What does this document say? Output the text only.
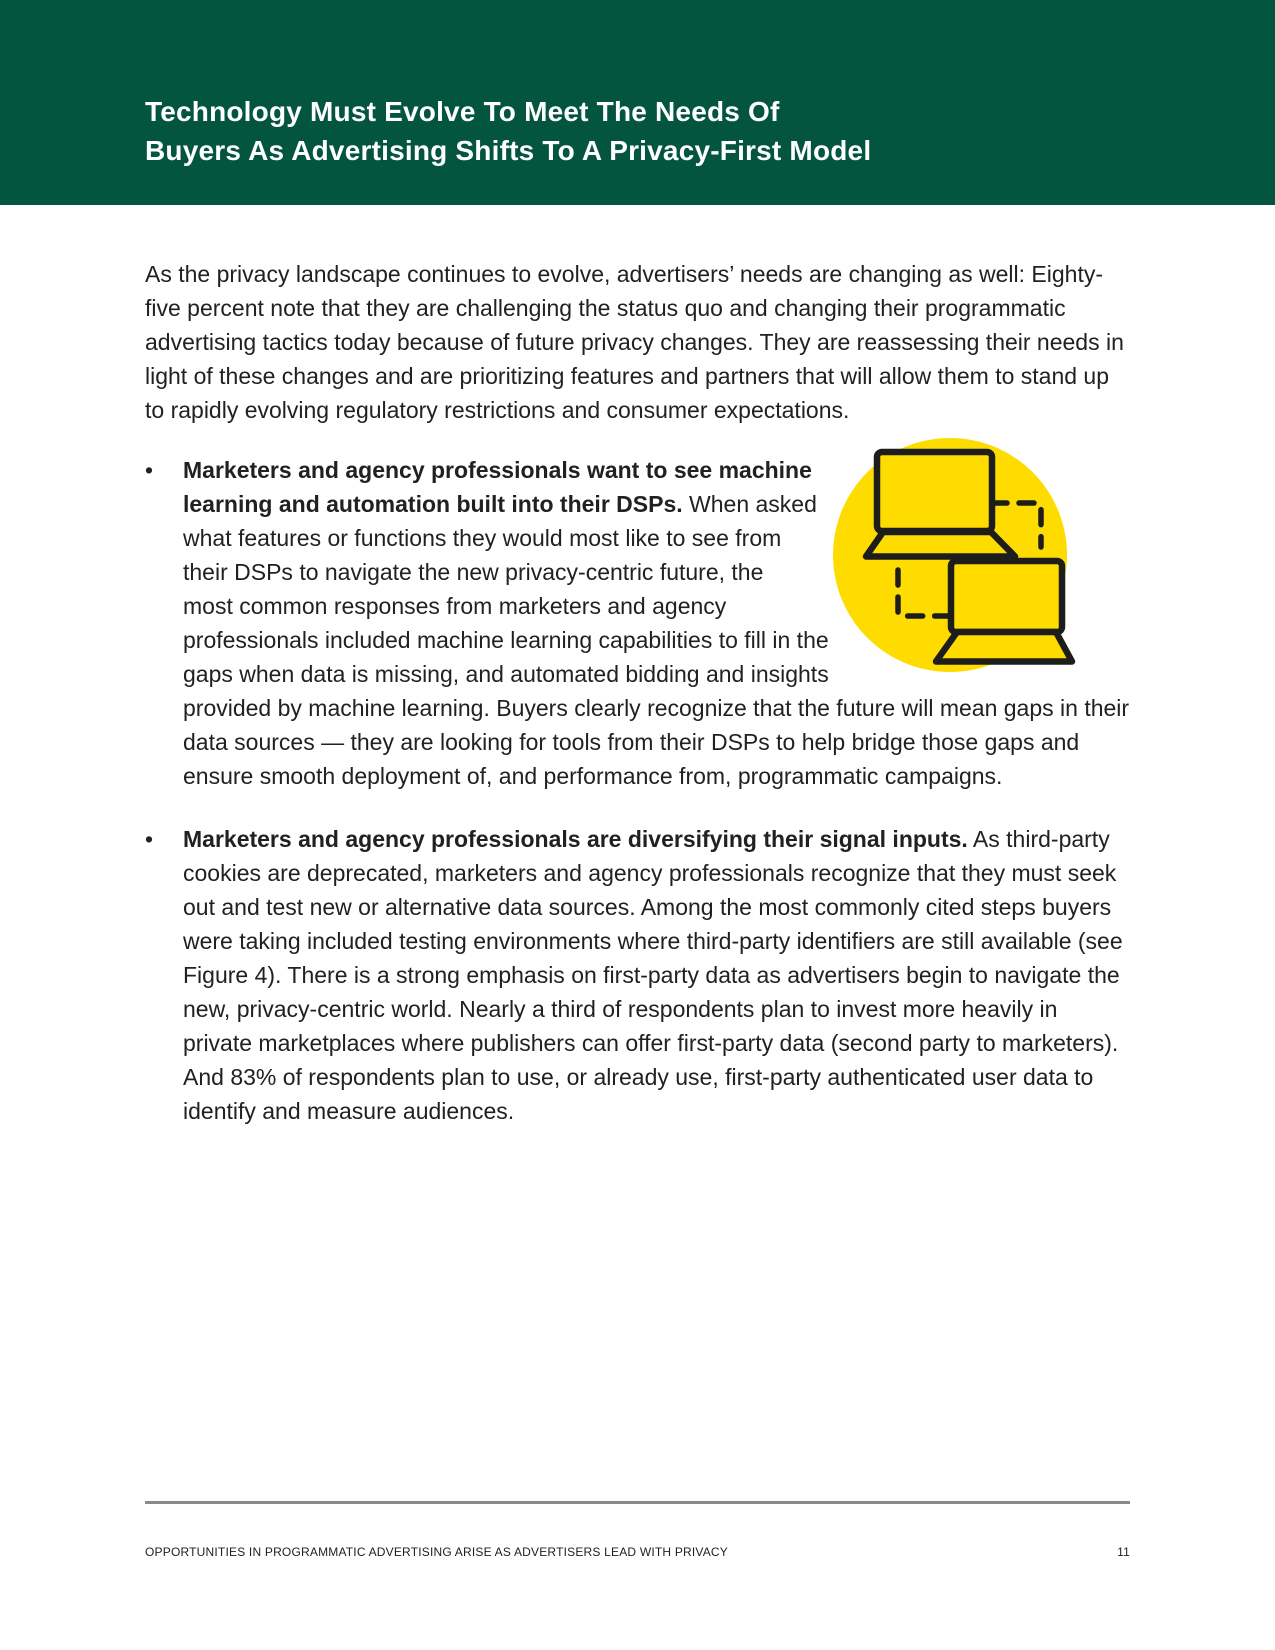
Technology Must Evolve To Meet The Needs Of
Buyers As Advertising Shifts To A Privacy-First Model

As the privacy landscape continues to evolve, advertisers’ needs are changing as well: Eighty-five percent note that they are challenging the status quo and changing their programmatic advertising tactics today because of future privacy changes. They are reassessing their needs in light of these changes and are prioritizing features and partners that will allow them to stand up to rapidly evolving regulatory restrictions and consumer expectations.

• Marketers and agency professionals want to see machine learning and automation built into their DSPs. When asked what features or functions they would most like to see from their DSPs to navigate the new privacy-centric future, the most common responses from marketers and agency professionals included machine learning capabilities to fill in the gaps when data is missing, and automated bidding and insights provided by machine learning. Buyers clearly recognize that the future will mean gaps in their data sources — they are looking for tools from their DSPs to help bridge those gaps and ensure smooth deployment of, and performance from, programmatic campaigns.
• Marketers and agency professionals are diversifying their signal inputs. As third-party cookies are deprecated, marketers and agency professionals recognize that they must seek out and test new or alternative data sources. Among the most commonly cited steps buyers were taking included testing environments where third-party identifiers are still available (see Figure 4). There is a strong emphasis on first-party data as advertisers begin to navigate the new, privacy-centric world. Nearly a third of respondents plan to invest more heavily in private marketplaces where publishers can offer first-party data (second party to marketers). And 83% of respondents plan to use, or already use, first-party authenticated user data to identify and measure audiences.
OPPORTUNITIES IN PROGRAMMATIC ADVERTISING ARISE AS ADVERTISERS LEAD WITH PRIVACY	11
